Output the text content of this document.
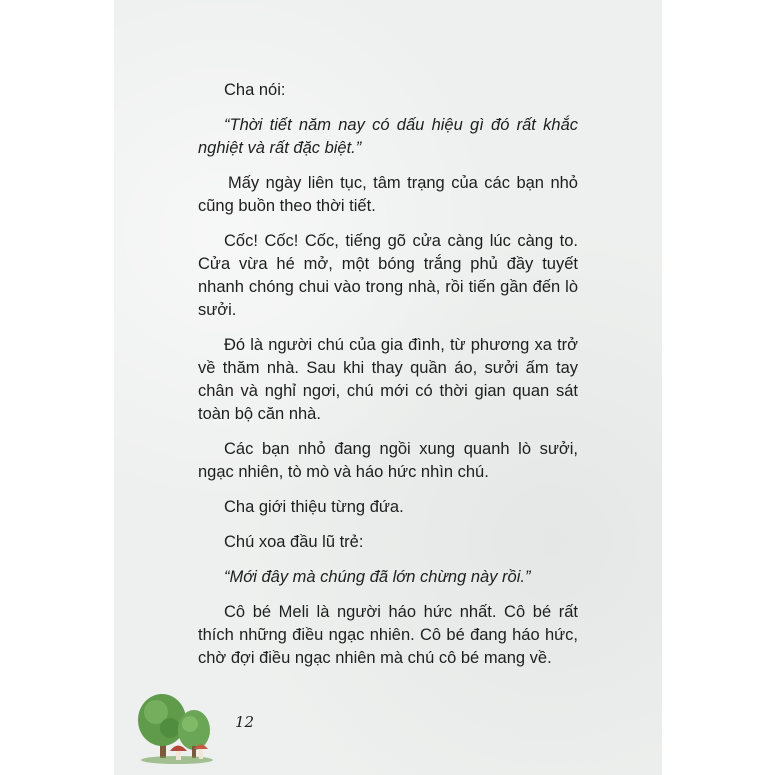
Cha nói:

“Thời tiết năm nay có dấu hiệu gì đó rất khắc nghiệt và rất đặc biệt.”

Mấy ngày liên tục, tâm trạng của các bạn nhỏ cũng buồn theo thời tiết.

Cốc! Cốc! Cốc, tiếng gõ cửa càng lúc càng to. Cửa vừa hé mở, một bóng trắng phủ đầy tuyết nhanh chóng chui vào trong nhà, rồi tiến gần đến lò sưởi.

Đó là người chú của gia đình, từ phương xa trở về thăm nhà. Sau khi thay quần áo, sưởi ấm tay chân và nghỉ ngơi, chú mới có thời gian quan sát toàn bộ căn nhà.

Các bạn nhỏ đang ngồi xung quanh lò sưởi, ngạc nhiên, tò mò và háo hức nhìn chú.

Cha giới thiệu từng đứa.

Chú xoa đầu lũ trẻ:

“Mới đây mà chúng đã lớn chừng này rồi.”

Cô bé Meli là người háo hức nhất. Cô bé rất thích những điều ngạc nhiên. Cô bé đang háo hức, chờ đợi điều ngạc nhiên mà chú cô bé mang về.

12
